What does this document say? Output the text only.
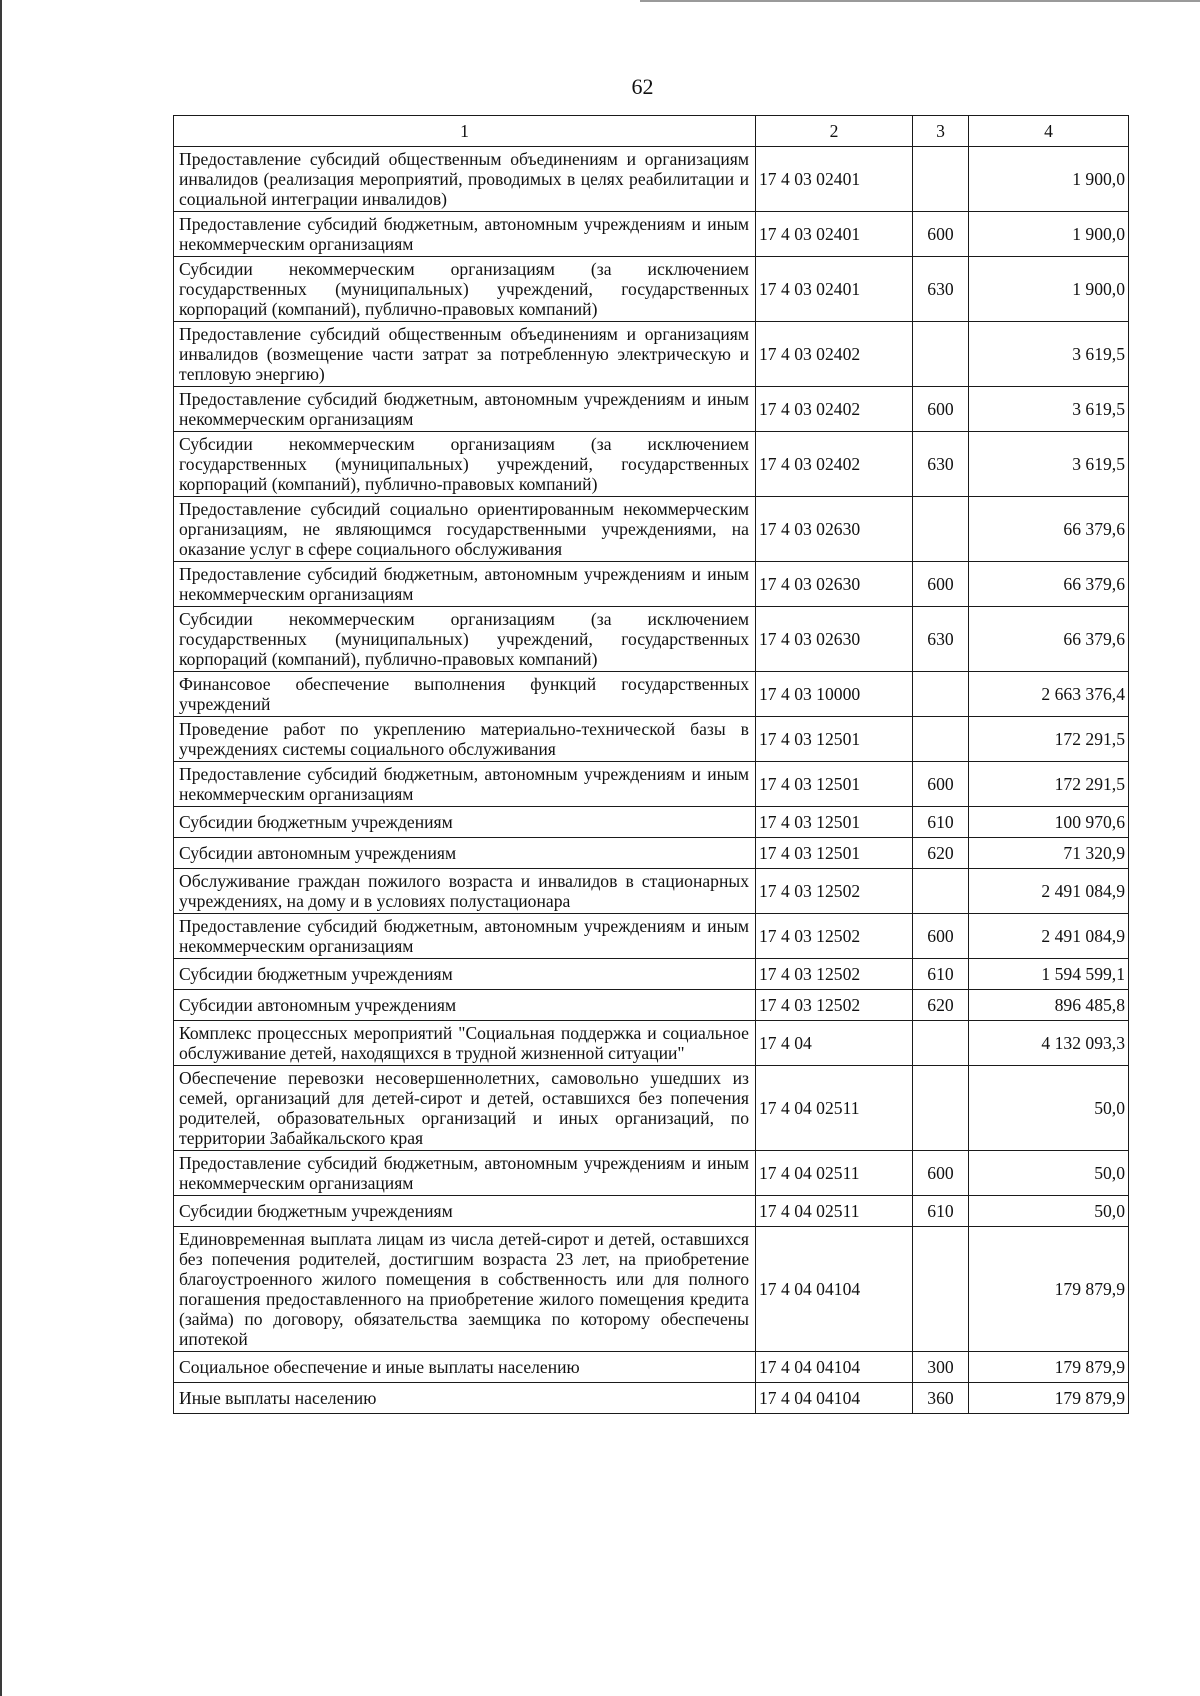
62
1	2	3	4
Предоставление субсидий общественным объединениям и организациям инвалидов (реализация мероприятий, проводимых в целях реабилитации и социальной интеграции инвалидов)	17 4 03 02401		1 900,0
Предоставление субсидий бюджетным, автономным учреждениям и иным некоммерческим организациям	17 4 03 02401	600	1 900,0
Субсидии некоммерческим организациям (за исключением государственных (муниципальных) учреждений, государственных корпораций (компаний), публично-правовых компаний)	17 4 03 02401	630	1 900,0
Предоставление субсидий общественным объединениям и организациям инвалидов (возмещение части затрат за потребленную электрическую и тепловую энергию)	17 4 03 02402		3 619,5
Предоставление субсидий бюджетным, автономным учреждениям и иным некоммерческим организациям	17 4 03 02402	600	3 619,5
Субсидии некоммерческим организациям (за исключением государственных (муниципальных) учреждений, государственных корпораций (компаний), публично-правовых компаний)	17 4 03 02402	630	3 619,5
Предоставление субсидий социально ориентированным некоммерческим организациям, не являющимся государственными учреждениями, на оказание услуг в сфере социального обслуживания	17 4 03 02630		66 379,6
Предоставление субсидий бюджетным, автономным учреждениям и иным некоммерческим организациям	17 4 03 02630	600	66 379,6
Субсидии некоммерческим организациям (за исключением государственных (муниципальных) учреждений, государственных корпораций (компаний), публично-правовых компаний)	17 4 03 02630	630	66 379,6
Финансовое обеспечение выполнения функций государственных учреждений	17 4 03 10000		2 663 376,4
Проведение работ по укреплению материально-технической базы в учреждениях системы социального обслуживания	17 4 03 12501		172 291,5
Предоставление субсидий бюджетным, автономным учреждениям и иным некоммерческим организациям	17 4 03 12501	600	172 291,5
Субсидии бюджетным учреждениям	17 4 03 12501	610	100 970,6
Субсидии автономным учреждениям	17 4 03 12501	620	71 320,9
Обслуживание граждан пожилого возраста и инвалидов в стационарных учреждениях, на дому и в условиях полустационара	17 4 03 12502		2 491 084,9
Предоставление субсидий бюджетным, автономным учреждениям и иным некоммерческим организациям	17 4 03 12502	600	2 491 084,9
Субсидии бюджетным учреждениям	17 4 03 12502	610	1 594 599,1
Субсидии автономным учреждениям	17 4 03 12502	620	896 485,8
Комплекс процессных мероприятий "Социальная поддержка и социальное обслуживание детей, находящихся в трудной жизненной ситуации"	17 4 04		4 132 093,3
Обеспечение перевозки несовершеннолетних, самовольно ушедших из семей, организаций для детей-сирот и детей, оставшихся без попечения родителей, образовательных организаций и иных организаций, по территории Забайкальского края	17 4 04 02511		50,0
Предоставление субсидий бюджетным, автономным учреждениям и иным некоммерческим организациям	17 4 04 02511	600	50,0
Субсидии бюджетным учреждениям	17 4 04 02511	610	50,0
Единовременная выплата лицам из числа детей-сирот и детей, оставшихся без попечения родителей, достигшим возраста 23 лет, на приобретение благоустроенного жилого помещения в собственность или для полного погашения предоставленного на приобретение жилого помещения кредита (займа) по договору, обязательства заемщика по которому обеспечены ипотекой	17 4 04 04104		179 879,9
Социальное обеспечение и иные выплаты населению	17 4 04 04104	300	179 879,9
Иные выплаты населению	17 4 04 04104	360	179 879,9
